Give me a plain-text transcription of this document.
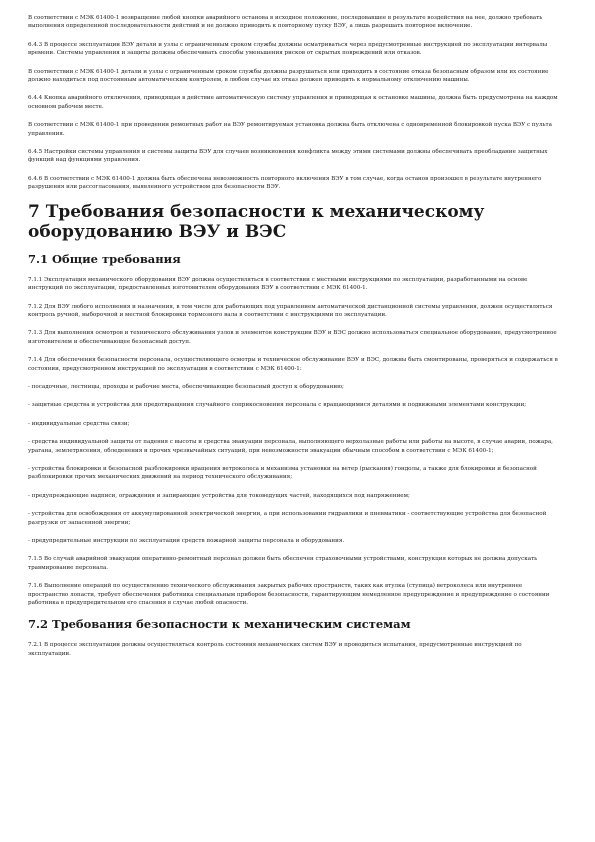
В соответствии с МЭК 61400-1 возвращение любой кнопки аварийного останова в исходное положение, последовавшее в результате воздействия на нее, должно требовать выполнения определенной последовательности действий и не должно приводить к повторному пуску ВЭУ, а лишь разрешать повторное включение.
6.4.3 В процессе эксплуатации ВЭУ детали и узлы с ограниченным сроком службы должны осматриваться через предусмотренные инструкцией по эксплуатации интервалы времени. Системы управления и защиты должны обеспечивать способы уменьшения рисков от скрытых повреждений или отказов.
В соответствии с МЭК 61400-1 детали и узлы с ограниченным сроком службы должны разрушаться или приходить в состояние отказа безопасным образом или их состояние должно находиться под постоянным автоматическим контролем, в любом случае их отказ должен приводить к нормальному отключению машины.
6.4.4 Кнопка аварийного отключения, приводящая в действие автоматическую систему управления и приводящая к остановке машины, должна быть предусмотрена на каждом основном рабочем месте.
В соответствии с МЭК 61400-1 при проведении ремонтных работ на ВЭУ ремонтируемая установка должна быть отключена с одновременной блокировкой пуска ВЭУ с пульта управления.
6.4.5 Настройки системы управления и системы защиты ВЭУ для случаев возникновения конфликта между этими системами должны обеспечивать преобладание защитных функций над функциями управления.
6.4.6 В соответствии с МЭК 61400-1 должна быть обеспечена невозможность повторного включения ВЭУ в том случае, когда останов произошел в результате внутреннего разрушения или рассогласования, выявленного устройством для безопасности ВЭУ.
7 Требования безопасности к механическому оборудованию ВЭУ и ВЭС
7.1 Общие требования
7.1.1 Эксплуатация механического оборудования ВЭУ должна осуществляться в соответствии с местными инструкциями по эксплуатации, разработанными на основе инструкций по эксплуатации, предоставленных изготовителем оборудования ВЭУ в соответствии с МЭК 61400-1.
7.1.2 Для ВЭУ любого исполнения и назначения, в том числе для работающих под управлением автоматической дистанционной системы управления, должен осуществляться контроль ручной, выборочной и местной блокировки тормозного вала в соответствии с инструкциями по эксплуатации.
7.1.3 Для выполнения осмотров и технического обслуживания узлов и элементов конструкции ВЭУ и ВЭС должно использоваться специальное оборудование, предусмотренное изготовителем и обеспечивающее безопасный доступ.
7.1.4 Для обеспечения безопасности персонала, осуществляющего осмотры и техническое обслуживание ВЭУ и ВЭС, должны быть смонтированы, проверяться и содержаться в состоянии, предусмотренном инструкцией по эксплуатации в соответствии с МЭК 61400-1:
- посадочные, лестницы, проходы и рабочие места, обеспечивающие безопасный доступ к оборудованию;
- защитные средства и устройства для предотвращения случайного соприкосновения персонала с вращающимися деталями и подвижными элементами конструкции;
- индивидуальные средства связи;
- средства индивидуальной защиты от падения с высоты и средства эвакуации персонала, выполняющего верхолазные работы или работы на высоте, в случае аварии, пожара, урагана, землетрясения, обледенения и прочих чрезвычайных ситуаций, при невозможности эвакуации обычным способом в соответствии с МЭК 61400-1;
- устройства блокировки и безопасной разблокировки вращения ветроколеса и механизма установки на ветер (рыскания) гондолы, а также для блокировки и безопасной разблокировки прочих механических движений на период технического обслуживания;
- предупреждающие надписи, ограждения и запирающие устройства для токоведущих частей, находящихся под напряжением;
- устройства для освобождения от аккумулированной электрической энергии, а при использовании гидравлики и пневматики - соответствующие устройства для безопасной разгрузки от запасенной энергии;
- предупредительные инструкции по эксплуатации средств пожарной защиты персонала и оборудования.
7.1.5 Во случай аварийной эвакуации оперативно-ремонтный персонал должен быть обеспечен страховочными устройствами, конструкция которых не должна допускать травмирование персонала.
7.1.6 Выполнение операций по осуществлению технического обслуживания закрытых рабочих пространств, таких как втулка (ступица) ветроколеса или внутреннее пространство лопасти, требует обеспечения работника специальным прибором безопасности, гарантирующим немедленное предупреждение и предупреждение о состоянии работника в предупредительном его спасения в случае любой опасности.
7.2 Требования безопасности к механическим системам
7.2.1 В процессе эксплуатации должны осуществляться контроль состояния механических систем ВЭУ и проводиться испытания, предусмотренные инструкцией по эксплуатации.
